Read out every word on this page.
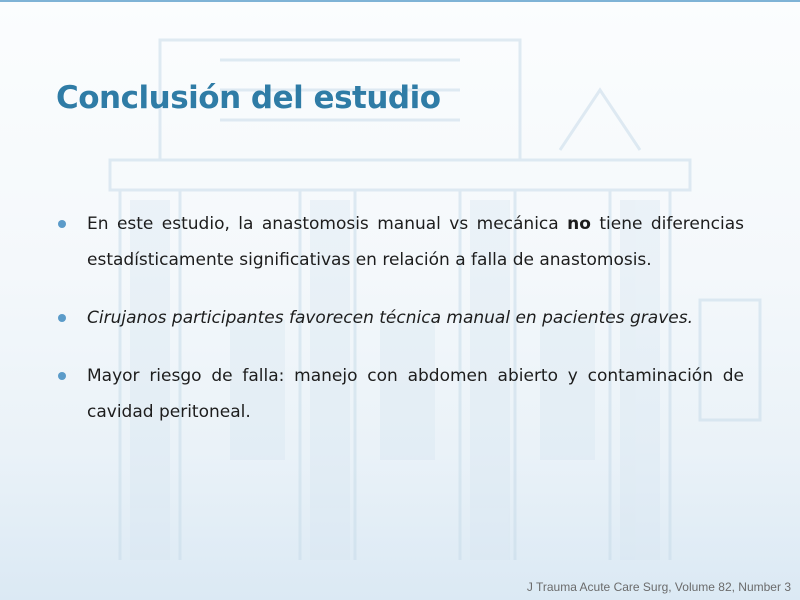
Conclusión del estudio
En este estudio, la anastomosis manual vs mecánica no tiene diferencias estadísticamente significativas en relación a falla de anastomosis.
Cirujanos participantes favorecen técnica manual en pacientes graves.
Mayor riesgo de falla: manejo con abdomen abierto y contaminación de cavidad peritoneal.
J Trauma Acute Care Surg, Volume 82, Number 3
